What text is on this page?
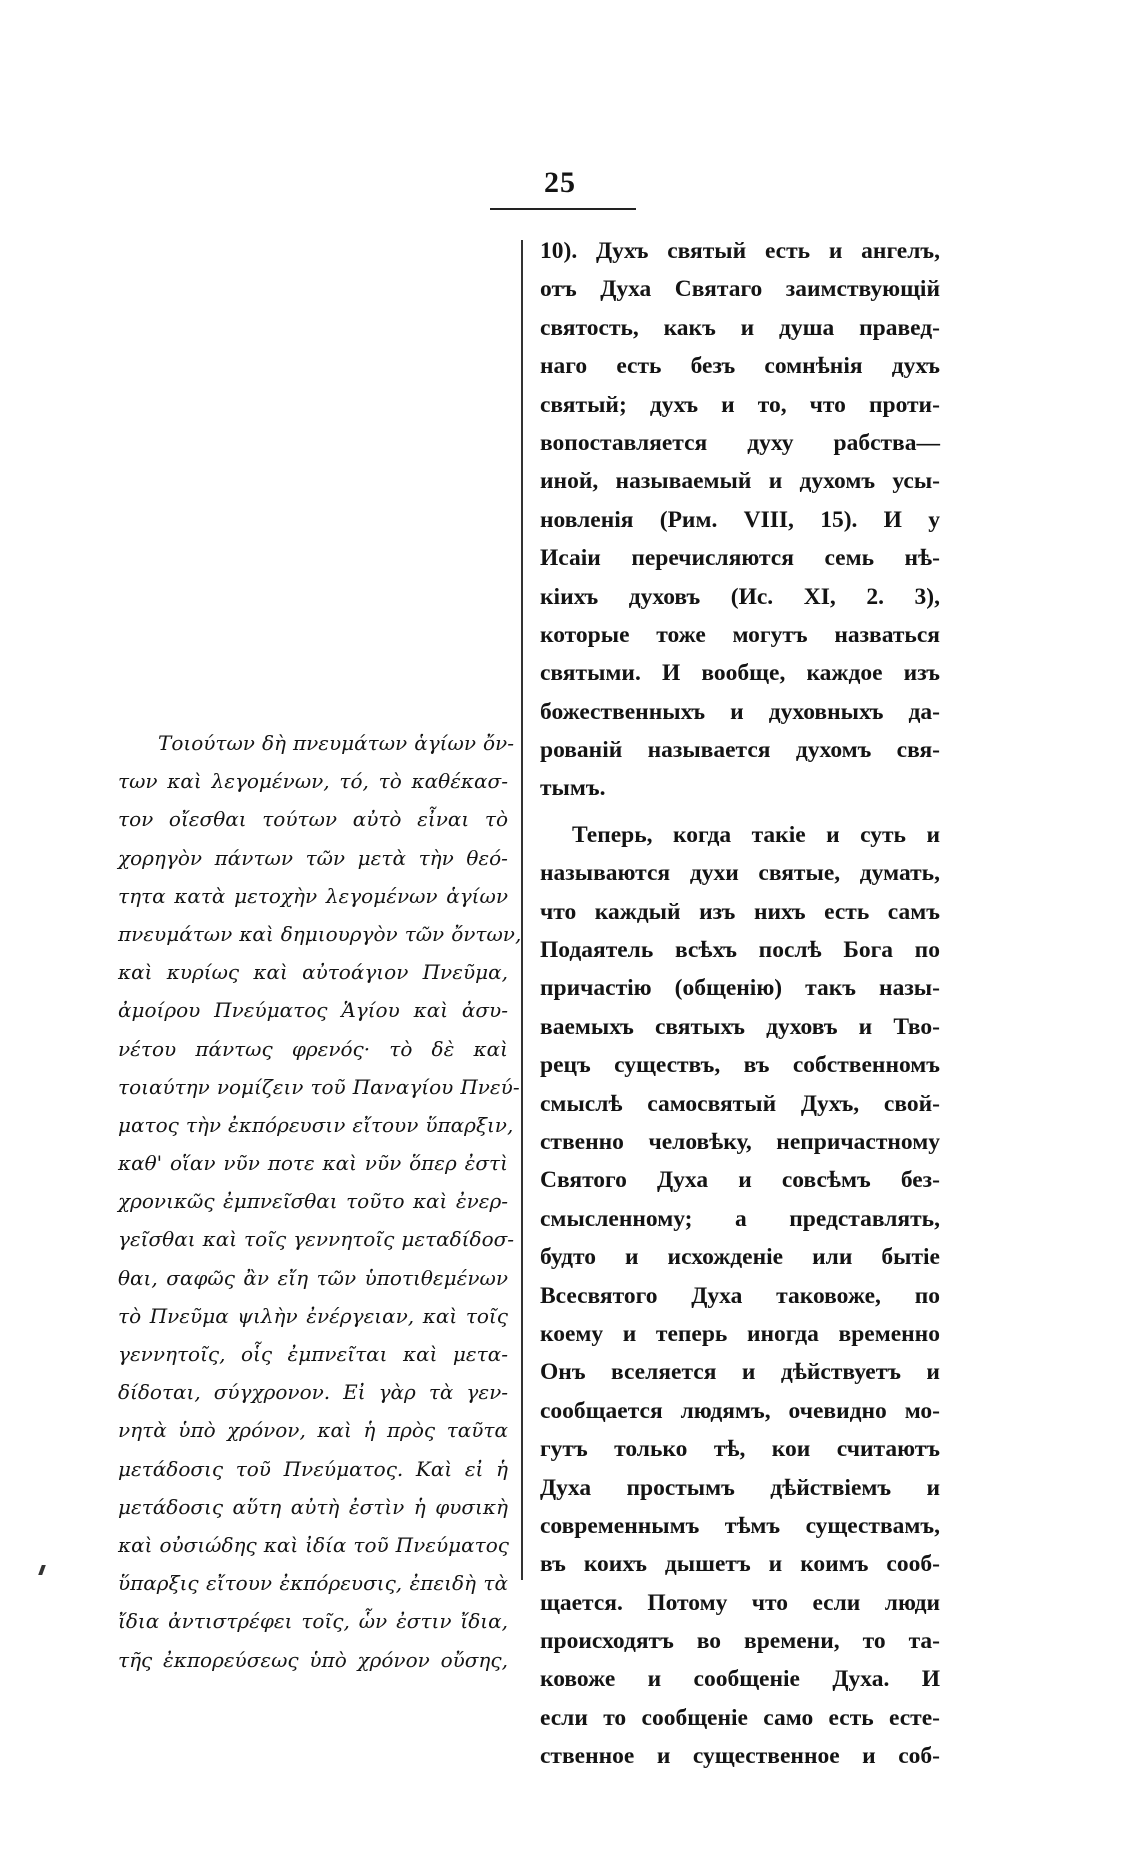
25
Τοιούτων δὴ πνευμάτων ἁγίων ὄν-
των καὶ λεγομένων, τό, τὸ καθέκασ-
τον οἴεσθαι τούτων αὐτὸ εἶναι τὸ
χορηγὸν πάντων τῶν μετὰ τὴν θεό-
τητα κατὰ μετοχὴν λεγομένων ἁγίων
πνευμάτων καὶ δημιουργὸν τῶν ὄντων,
καὶ κυρίως καὶ αὐτοάγιον Πνεῦμα,
ἀμοίρου Πνεύματος Ἁγίου καὶ ἀσυ-
νέτου πάντως φρενός· τὸ δὲ καὶ
τοιαύτην νομίζειν τοῦ Παναγίου Πνεύ-
ματος τὴν ἐκπόρευσιν εἴτουν ὕπαρξιν,
καθ' οἵαν νῦν ποτε καὶ νῦν ὅπερ ἐστὶ
χρονικῶς ἐμπνεῖσθαι τοῦτο καὶ ἐνερ-
γεῖσθαι καὶ τοῖς γεννητοῖς μεταδίδοσ-
θαι, σαφῶς ἂν εἴη τῶν ὑποτιθεμένων
τὸ Πνεῦμα ψιλὴν ἐνέργειαν, καὶ τοῖς
γεννητοῖς, οἷς ἐμπνεῖται καὶ μετα-
δίδοται, σύγχρονον. Εἰ γὰρ τὰ γεν-
νητὰ ὑπὸ χρόνον, καὶ ἡ πρὸς ταῦτα
μετάδοσις τοῦ Πνεύματος. Καὶ εἰ ἡ
μετάδοσις αὕτη αὐτὴ ἐστὶν ἡ φυσικὴ
καὶ οὐσιώδης καὶ ἰδία τοῦ Πνεύματος
ὕπαρξις εἴτουν ἐκπόρευσις, ἐπειδὴ τὰ
ἴδια ἀντιστρέφει τοῖς, ὧν ἐστιν ἴδια,
τῆς ἐκπορεύσεως ὑπὸ χρόνον οὔσης,
10). Духъ святый есть и ангелъ,
отъ Духа Святаго заимствующій
святость, какъ и душа правед-
наго есть безъ сомнѣнія духъ
святый; духъ и то, что проти-
вопоставляется духу рабства—
иной, называемый и духомъ усы-
новленія (Рим. VIII, 15). И у
Исаіи перечисляются семь нѣ-
кіихъ духовъ (Ис. XI, 2. 3),
которые тоже могутъ назваться
святыми. И вообще, каждое изъ
божественныхъ и духовныхъ да-
рованій называется духомъ свя-
тымъ.
Теперь, когда такіе и суть и
называются духи святые, думать,
что каждый изъ нихъ есть самъ
Подаятель всѣхъ послѣ Бога по
причастію (общенію) такъ назы-
ваемыхъ святыхъ духовъ и Тво-
рецъ существъ, въ собственномъ
смыслѣ самосвятый Духъ, свой-
ственно человѣку, непричастному
Святого Духа и совсѣмъ без-
смысленному; а представлять,
будто и исхожденіе или бытіе
Всесвятого Духа таковоже, по
коему и теперь иногда временно
Онъ вселяется и дѣйствуетъ и
сообщается людямъ, очевидно мо-
гутъ только тѣ, кои считаютъ
Духа простымъ дѣйствіемъ и
современнымъ тѣмъ существамъ,
въ коихъ дышетъ и коимъ сооб-
щается. Потому что если люди
происходятъ во времени, то та-
ковоже и сообщеніе Духа. И
если то сообщеніе само есть есте-
ственное и существенное и соб-
